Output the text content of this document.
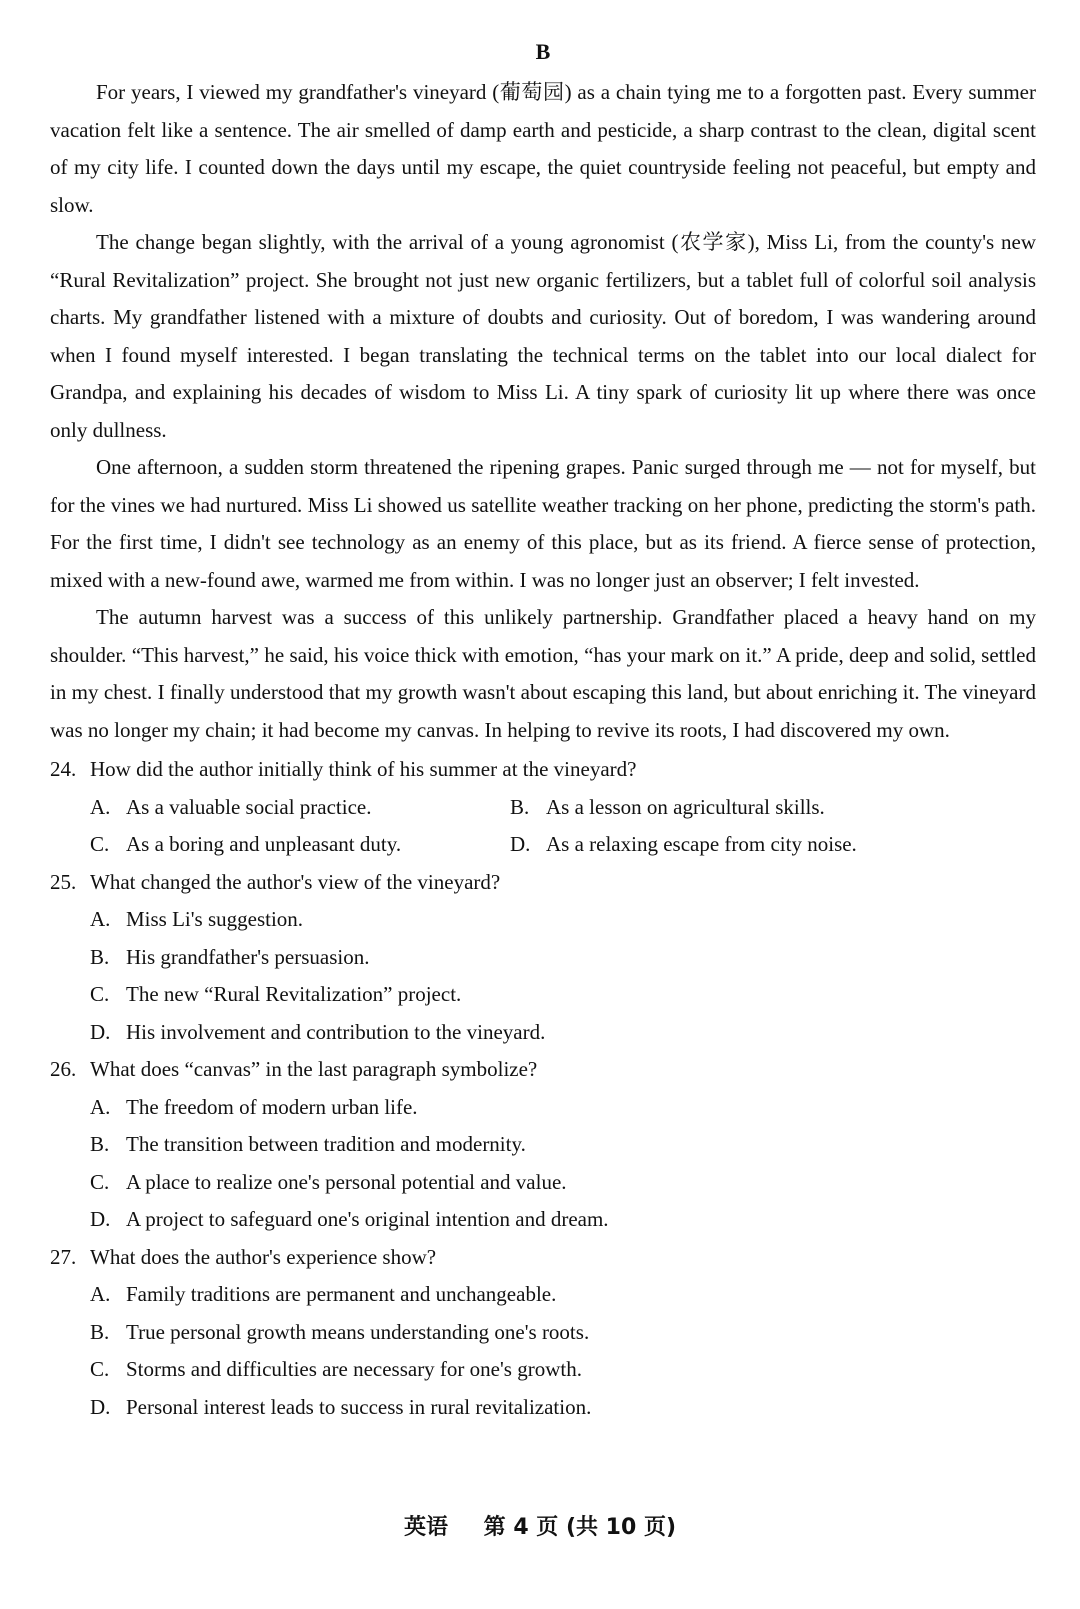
B

For years, I viewed my grandfather's vineyard (葡萄园) as a chain tying me to a forgotten past. Every summer vacation felt like a sentence. The air smelled of damp earth and pesticide, a sharp contrast to the clean, digital scent of my city life. I counted down the days until my escape, the quiet countryside feeling not peaceful, but empty and slow.

The change began slightly, with the arrival of a young agronomist (农学家), Miss Li, from the county's new “Rural Revitalization” project. She brought not just new organic fertilizers, but a tablet full of colorful soil analysis charts. My grandfather listened with a mixture of doubts and curiosity. Out of boredom, I was wandering around when I found myself interested. I began translating the technical terms on the tablet into our local dialect for Grandpa, and explaining his decades of wisdom to Miss Li. A tiny spark of curiosity lit up where there was once only dullness.

One afternoon, a sudden storm threatened the ripening grapes. Panic surged through me — not for myself, but for the vines we had nurtured. Miss Li showed us satellite weather tracking on her phone, predicting the storm's path. For the first time, I didn't see technology as an enemy of this place, but as its friend. A fierce sense of protection, mixed with a new-found awe, warmed me from within. I was no longer just an observer; I felt invested.

The autumn harvest was a success of this unlikely partnership. Grandfather placed a heavy hand on my shoulder. “This harvest,” he said, his voice thick with emotion, “has your mark on it.” A pride, deep and solid, settled in my chest. I finally understood that my growth wasn't about escaping this land, but about enriching it. The vineyard was no longer my chain; it had become my canvas. In helping to revive its roots, I had discovered my own.

24. How did the author initially think of his summer at the vineyard?
A. As a valuable social practice.	B. As a lesson on agricultural skills.
C. As a boring and unpleasant duty.	D. As a relaxing escape from city noise.
25. What changed the author's view of the vineyard?
A. Miss Li's suggestion.
B. His grandfather's persuasion.
C. The new “Rural Revitalization” project.
D. His involvement and contribution to the vineyard.
26. What does “canvas” in the last paragraph symbolize?
A. The freedom of modern urban life.
B. The transition between tradition and modernity.
C. A place to realize one's personal potential and value.
D. A project to safeguard one's original intention and dream.
27. What does the author's experience show?
A. Family traditions are permanent and unchangeable.
B. True personal growth means understanding one's roots.
C. Storms and difficulties are necessary for one's growth.
D. Personal interest leads to success in rural revitalization.
英语 第 4 页 (共 10 页)
